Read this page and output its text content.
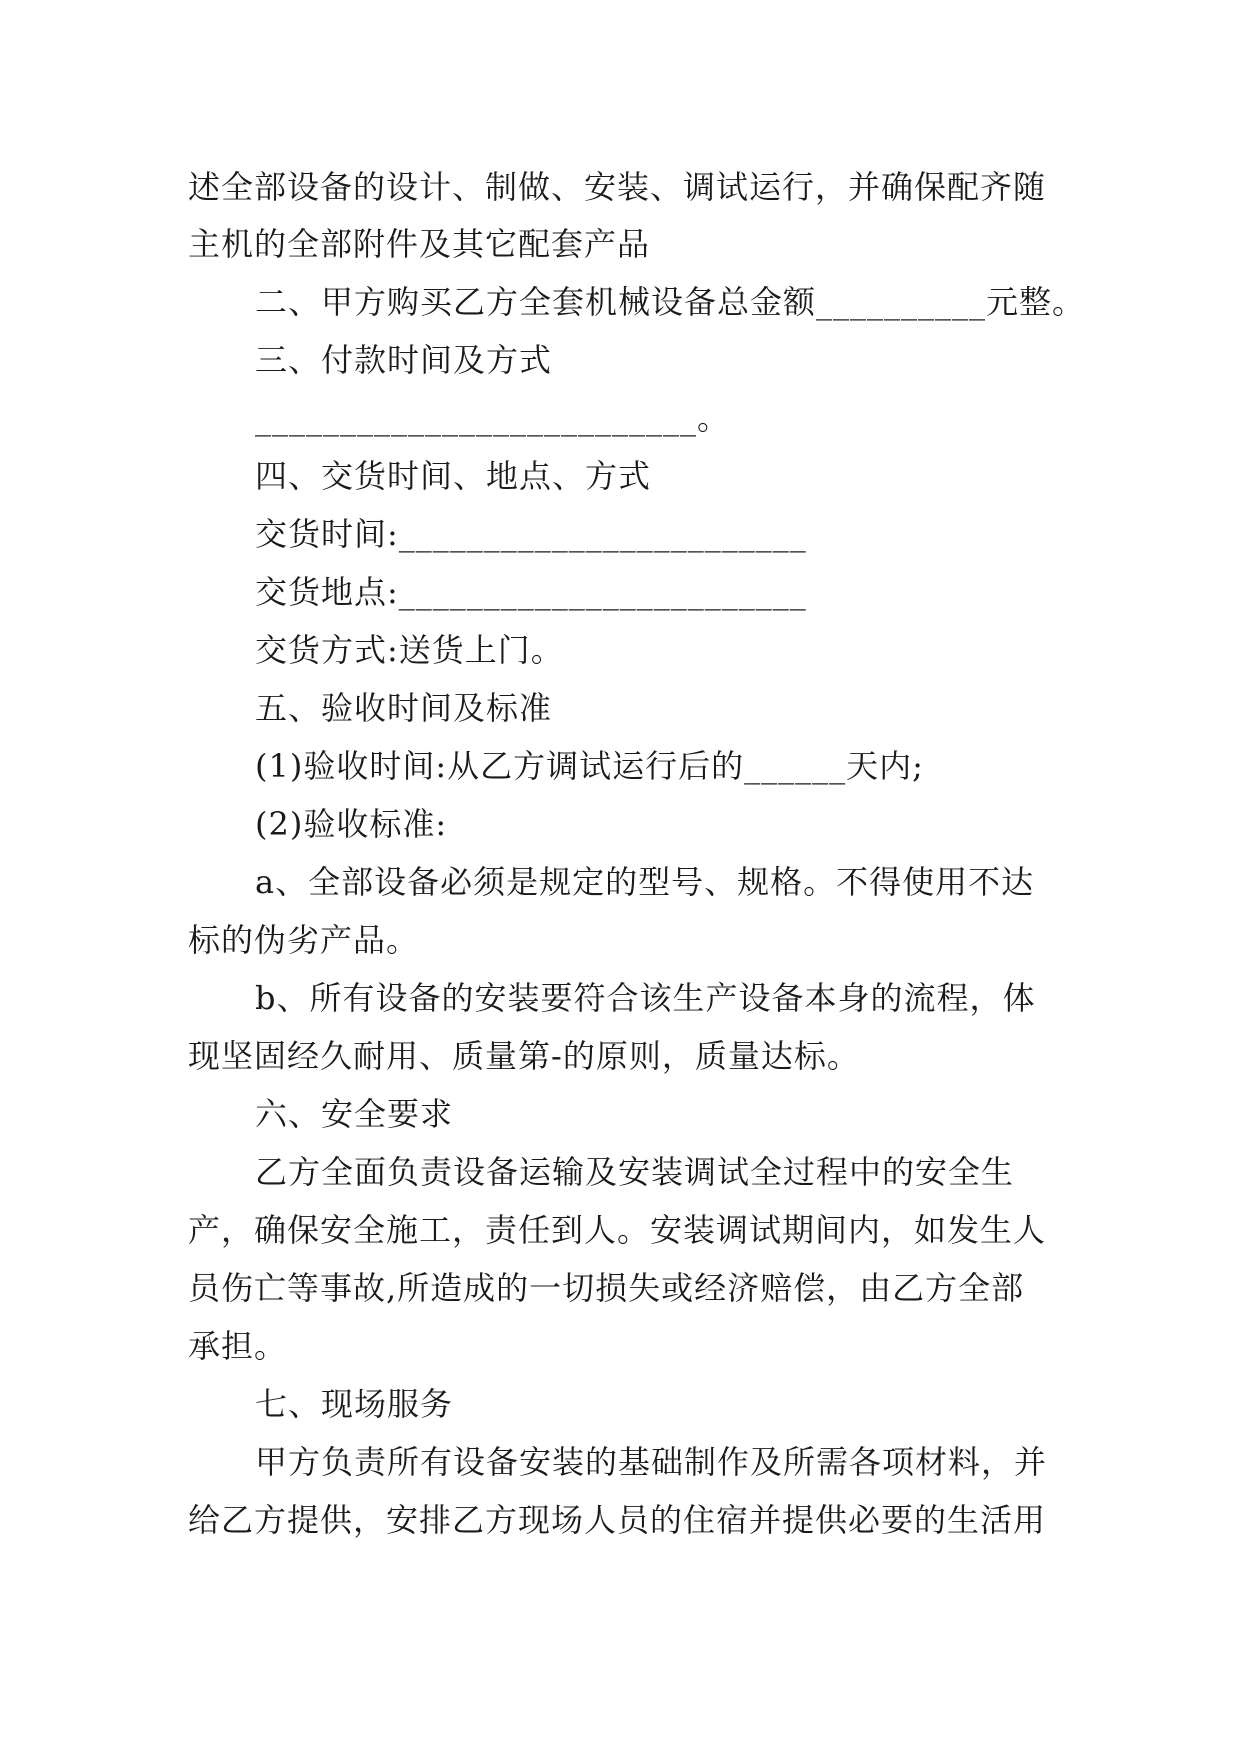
述全部设备的设计、制做、安装、调试运行，并确保配齐随
主机的全部附件及其它配套产品
二、甲方购买乙方全套机械设备总金额__________元整。
三、付款时间及方式
__________________________。
四、交货时间、地点、方式
交货时间:________________________
交货地点:________________________
交货方式:送货上门。
五、验收时间及标准
(1)验收时间:从乙方调试运行后的______天内;
(2)验收标准:
a、全部设备必须是规定的型号、规格。不得使用不达
标的伪劣产品。
b、所有设备的安装要符合该生产设备本身的流程，体
现坚固经久耐用、质量第-的原则，质量达标。
六、安全要求
乙方全面负责设备运输及安装调试全过程中的安全生
产，确保安全施工，责任到人。安装调试期间内，如发生人
员伤亡等事故,所造成的一切损失或经济赔偿，由乙方全部
承担。
七、现场服务
甲方负责所有设备安装的基础制作及所需各项材料，并
给乙方提供，安排乙方现场人员的住宿并提供必要的生活用
